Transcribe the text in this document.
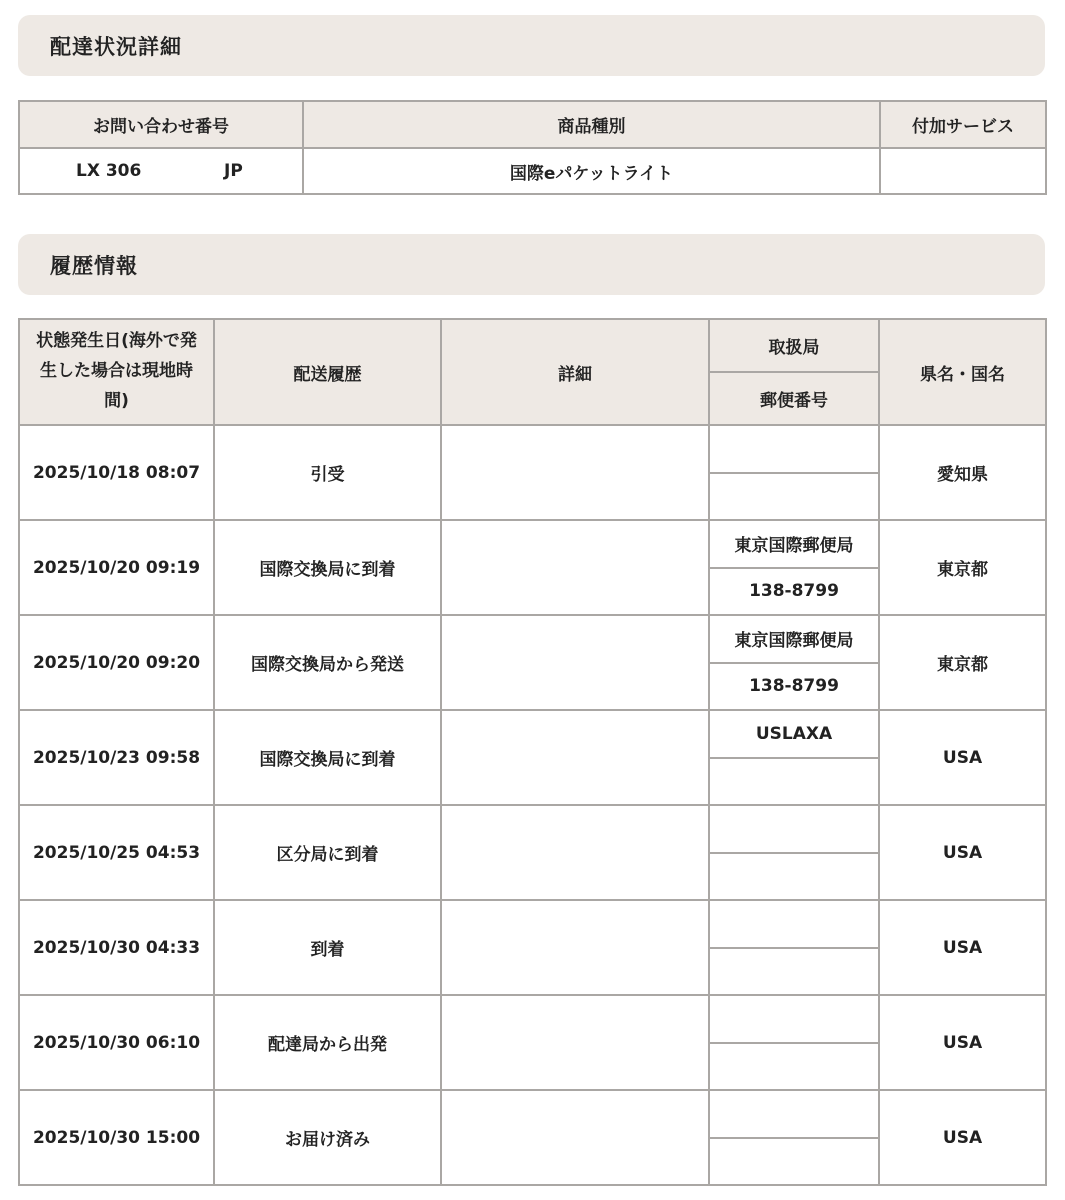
配達状況詳細
お問い合わせ番号	商品種別	付加サービス

LX 306 JP	国際eパケットライト	
履歴情報
状態発生日(海外で発生した場合は現地時間)	配送履歴	詳細	取扱局	県名・国名
			郵便番号	
2025/10/18 08:07	引受			愛知県

2025/10/20 09:19	国際交換局に到着		東京国際郵便局	東京都
			138-8799	
2025/10/20 09:20	国際交換局から発送		東京国際郵便局	東京都
			138-8799	
2025/10/23 09:58	国際交換局に到着		USLAXA	USA

2025/10/25 04:53	区分局に到着			USA

2025/10/30 04:33	到着			USA

2025/10/30 06:10	配達局から出発			USA

2025/10/30 15:00	お届け済み			USA
